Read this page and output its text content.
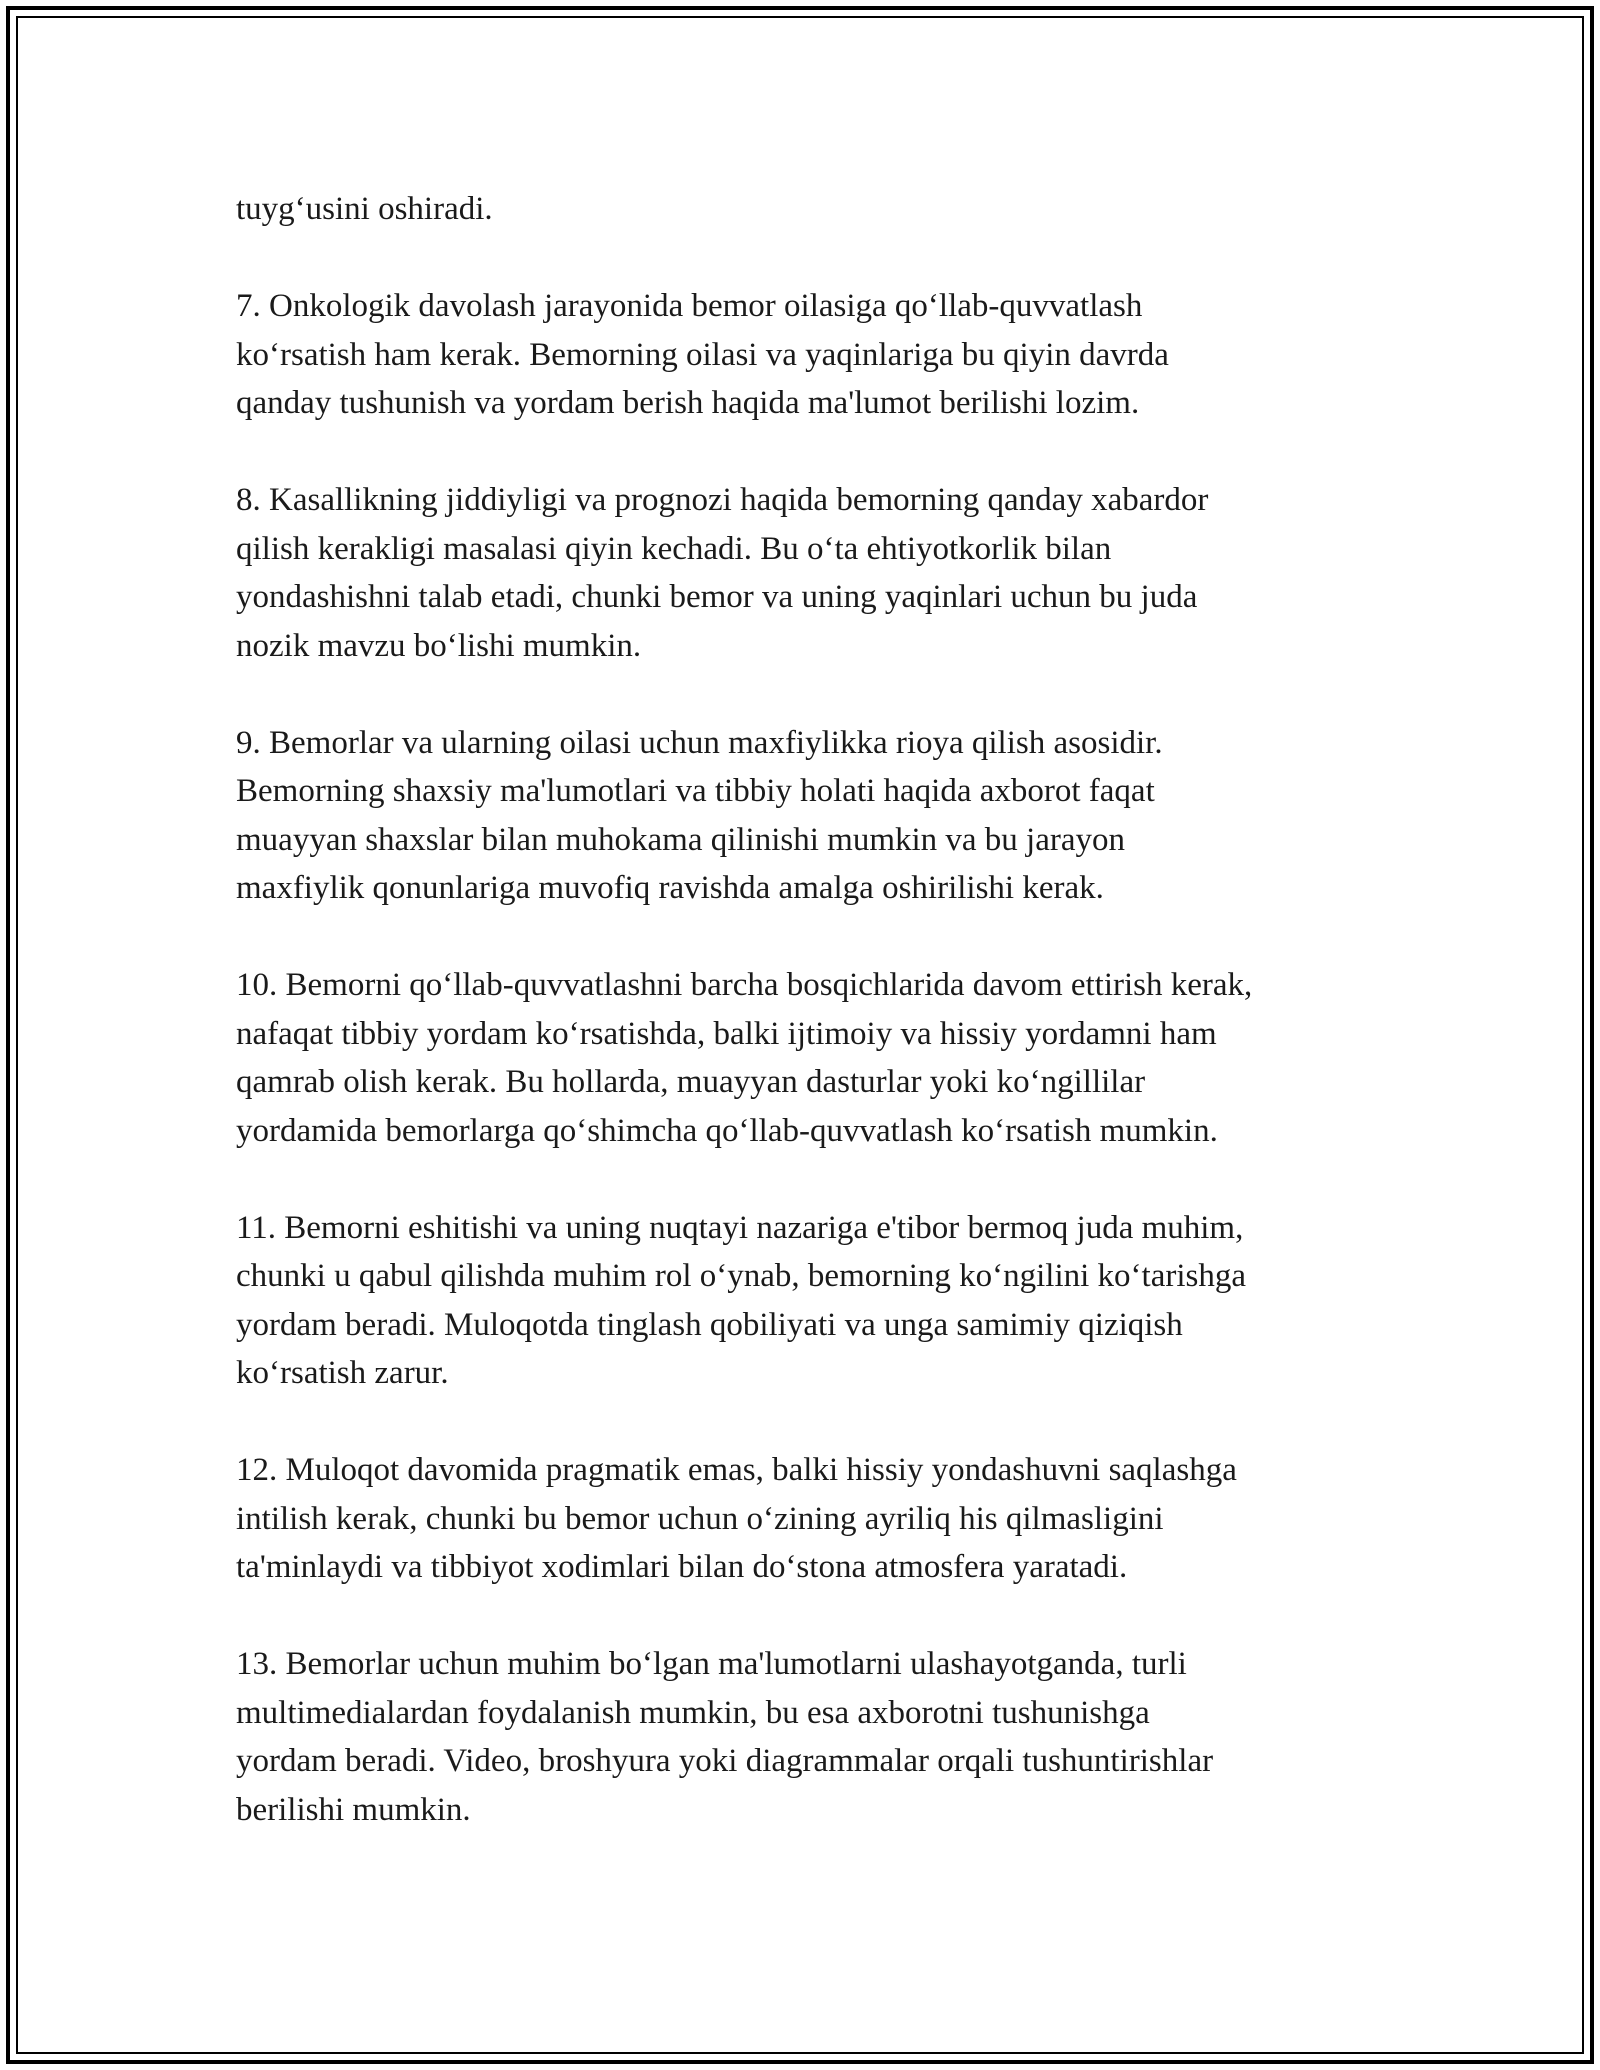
tuyg‘usini oshiradi.

7. Onkologik davolash jarayonida bemor oilasiga qo‘llab-quvvatlash
ko‘rsatish ham kerak. Bemorning oilasi va yaqinlariga bu qiyin davrda
qanday tushunish va yordam berish haqida ma'lumot berilishi lozim.

8. Kasallikning jiddiyligi va prognozi haqida bemorning qanday xabardor
qilish kerakligi masalasi qiyin kechadi. Bu o‘ta ehtiyotkorlik bilan
yondashishni talab etadi, chunki bemor va uning yaqinlari uchun bu juda
nozik mavzu bo‘lishi mumkin.

9. Bemorlar va ularning oilasi uchun maxfiylikka rioya qilish asosidir.
Bemorning shaxsiy ma'lumotlari va tibbiy holati haqida axborot faqat
muayyan shaxslar bilan muhokama qilinishi mumkin va bu jarayon
maxfiylik qonunlariga muvofiq ravishda amalga oshirilishi kerak.

10. Bemorni qo‘llab-quvvatlashni barcha bosqichlarida davom ettirish kerak,
nafaqat tibbiy yordam ko‘rsatishda, balki ijtimoiy va hissiy yordamni ham
qamrab olish kerak. Bu hollarda, muayyan dasturlar yoki ko‘ngillilar
yordamida bemorlarga qo‘shimcha qo‘llab-quvvatlash ko‘rsatish mumkin.

11. Bemorni eshitishi va uning nuqtayi nazariga e'tibor bermoq juda muhim,
chunki u qabul qilishda muhim rol o‘ynab, bemorning ko‘ngilini ko‘tarishga
yordam beradi. Muloqotda tinglash qobiliyati va unga samimiy qiziqish
ko‘rsatish zarur.

12. Muloqot davomida pragmatik emas, balki hissiy yondashuvni saqlashga
intilish kerak, chunki bu bemor uchun o‘zining ayriliq his qilmasligini
ta'minlaydi va tibbiyot xodimlari bilan do‘stona atmosfera yaratadi.

13. Bemorlar uchun muhim bo‘lgan ma'lumotlarni ulashayotganda, turli
multimedialardan foydalanish mumkin, bu esa axborotni tushunishga
yordam beradi. Video, broshyura yoki diagrammalar orqali tushuntirishlar
berilishi mumkin.
